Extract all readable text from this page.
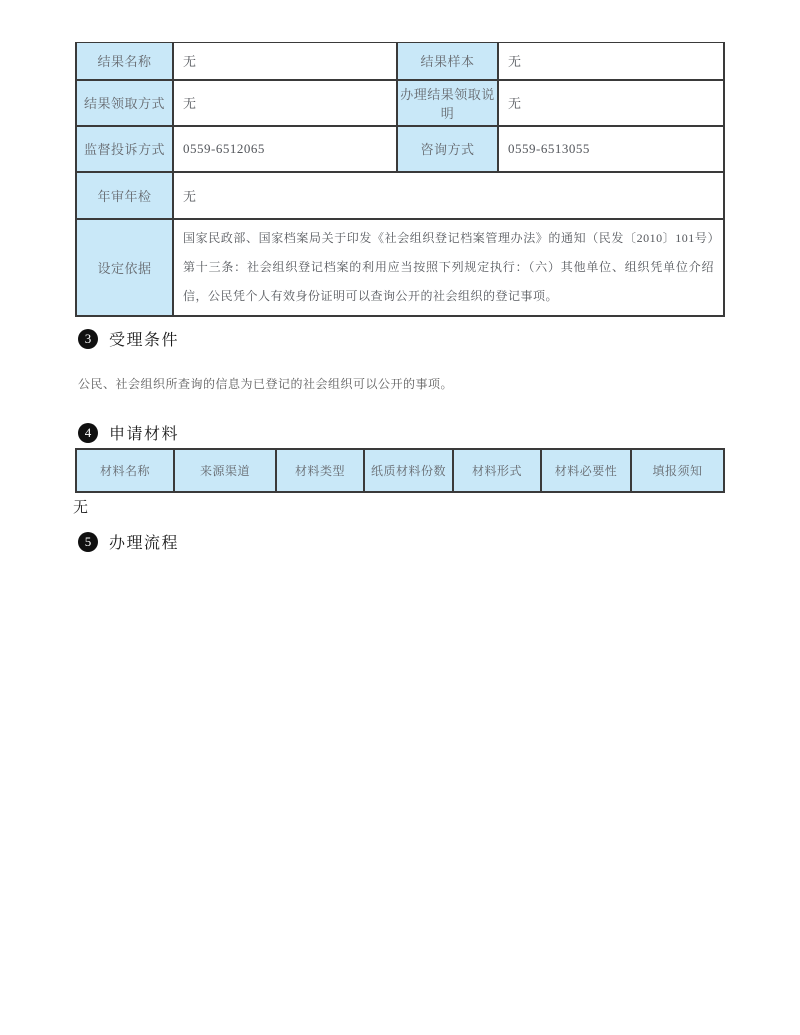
结果名称	无	结果样本	无
结果领取方式	无	办理结果领取说明	无
监督投诉方式	0559-6512065	咨询方式	0559-6513055
年审年检	无		
设定依据	国家民政部、国家档案局关于印发《社会组织登记档案管理办法》的通知（民发〔2010〕101号）第十三条：社会组织登记档案的利用应当按照下列规定执行：（六）其他单位、组织凭单位介绍信，公民凭个人有效身份证明可以查询公开的社会组织的登记事项。		
3	受理条件
公民、社会组织所查询的信息为已登记的社会组织可以公开的事项。
4	申请材料
材料名称	来源渠道	材料类型	纸质材料份数	材料形式	材料必要性	填报须知
无
5	办理流程
